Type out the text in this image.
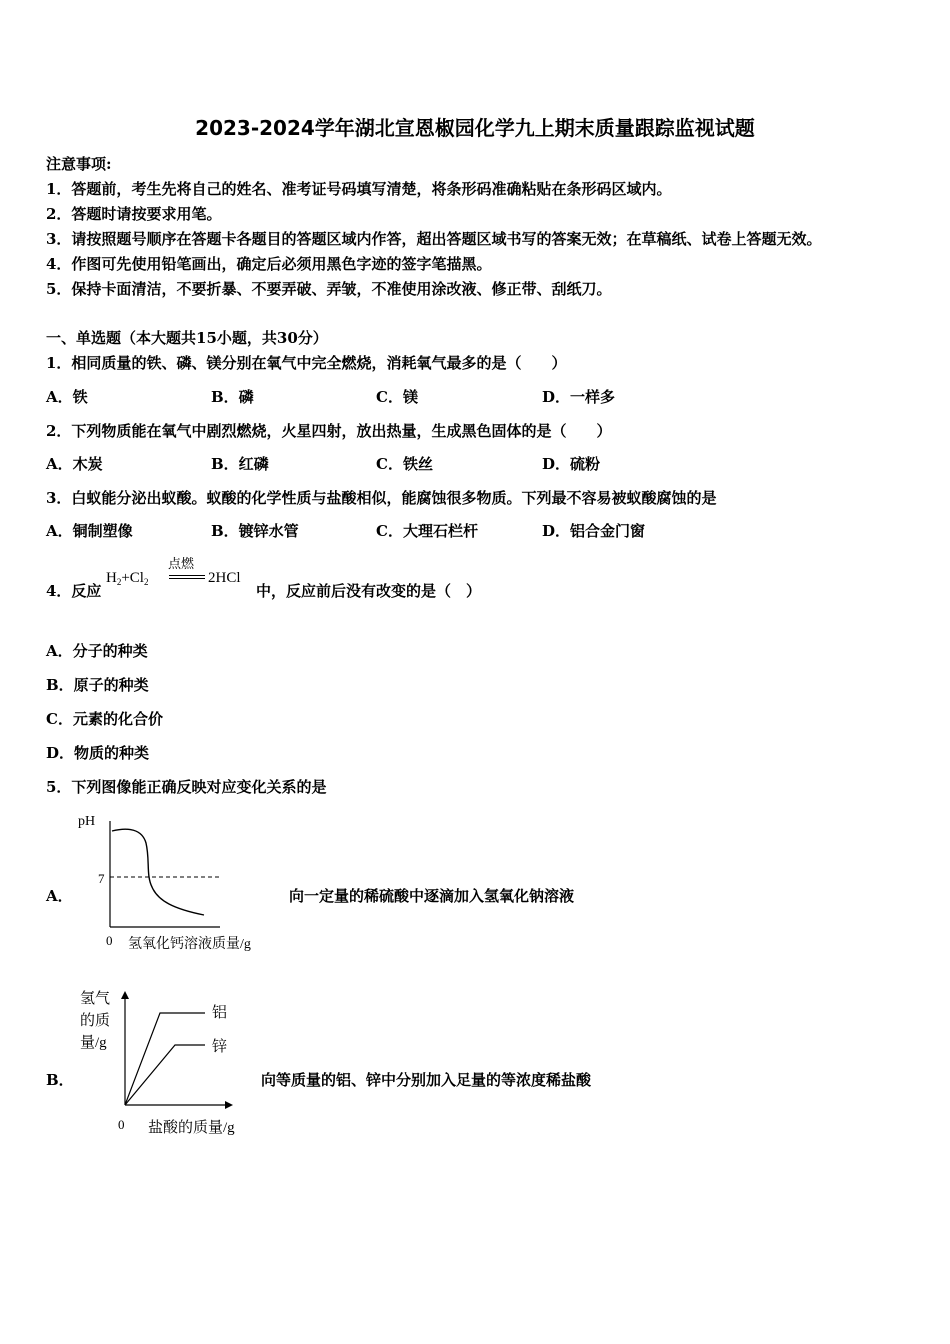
2023-2024学年湖北宣恩椒园化学九上期末质量跟踪监视试题
注意事项:
1．答题前，考生先将自己的姓名、准考证号码填写清楚，将条形码准确粘贴在条形码区域内。
2．答题时请按要求用笔。
3．请按照题号顺序在答题卡各题目的答题区域内作答，超出答题区域书写的答案无效；在草稿纸、试卷上答题无效。
4．作图可先使用铅笔画出，确定后必须用黑色字迹的签字笔描黑。
5．保持卡面清洁，不要折暴、不要弄破、弄皱，不准使用涂改液、修正带、刮纸刀。
一、单选题（本大题共15小题，共30分）
1．相同质量的铁、磷、镁分别在氧气中完全燃烧，消耗氧气最多的是（　　）
A．铁	B．磷	C．镁	D．一样多
2．下列物质能在氧气中剧烈燃烧，火星四射，放出热量，生成黑色固体的是（　　）
A．木炭	B．红磷	C．铁丝	D．硫粉
3．白蚁能分泌出蚁酸。蚁酸的化学性质与盐酸相似，能腐蚀很多物质。下列最不容易被蚁酸腐蚀的是
A．铜制塑像	B．镀锌水管	C．大理石栏杆	D．铝合金门窗
4．反应
$H_2+Cl_2$
点燃
2HCl
中，反应前后没有改变的是（　）
A．分子的种类
B．原子的种类
C．元素的化合价
D．物质的种类
5．下列图像能正确反映对应变化关系的是
A．
pH
7
0 氢氧化钙溶液质量/g
向一定量的稀硫酸中逐滴加入氢氧化钠溶液
B．
氢气
的质
量/g
铝
锌
0 盐酸的质量/g
向等质量的铝、锌中分别加入足量的等浓度稀盐酸
